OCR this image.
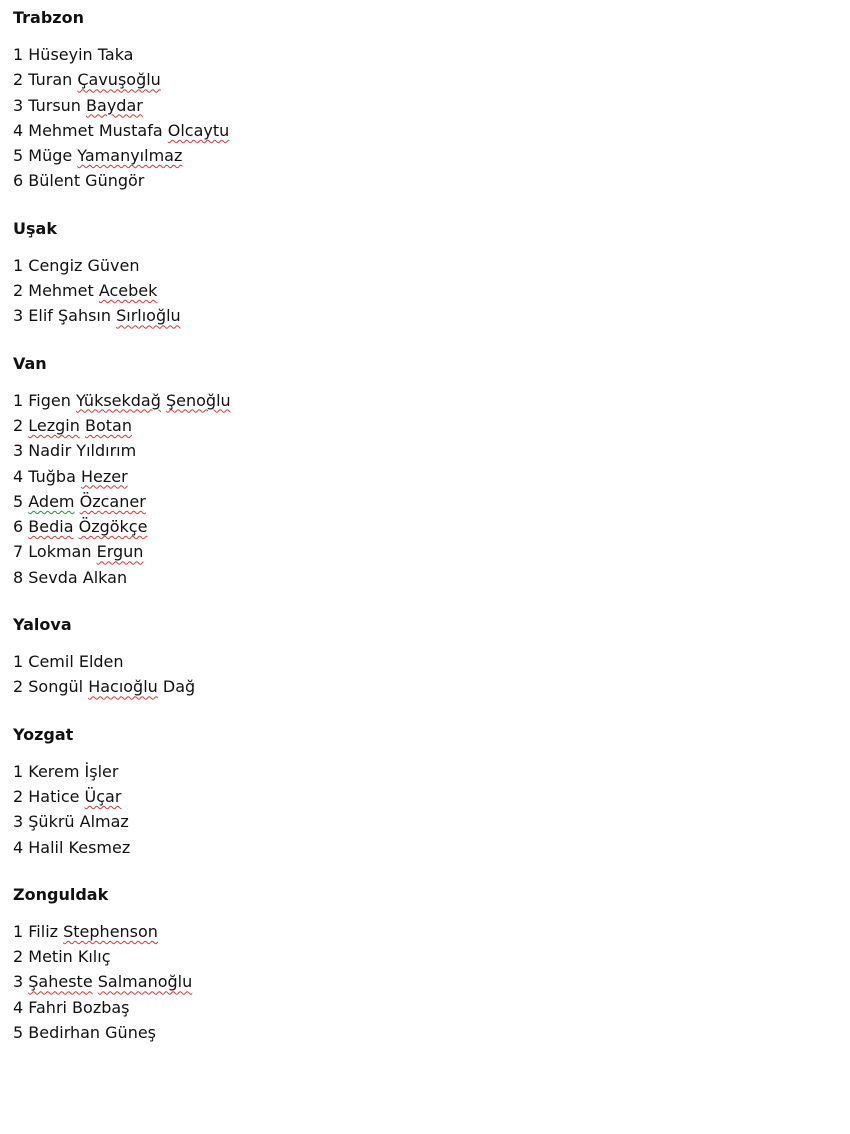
Trabzon
1 Hüseyin Taka
2 Turan Çavuşoğlu
3 Tursun Baydar
4 Mehmet Mustafa Olcaytu
5 Müge Yamanyılmaz
6 Bülent Güngör
Uşak
1 Cengiz Güven
2 Mehmet Acebek
3 Elif Şahsın Sırlıoğlu
Van
1 Figen Yüksekdağ Şenoğlu
2 Lezgin Botan
3 Nadir Yıldırım
4 Tuğba Hezer
5 Adem Özcaner
6 Bedia Özgökçe
7 Lokman Ergun
8 Sevda Alkan
Yalova
1 Cemil Elden
2 Songül Hacıoğlu Dağ
Yozgat
1 Kerem İşler
2 Hatice Üçar
3 Şükrü Almaz
4 Halil Kesmez
Zonguldak
1 Filiz Stephenson
2 Metin Kılıç
3 Şaheste Salmanoğlu
4 Fahri Bozbaş
5 Bedirhan Güneş
